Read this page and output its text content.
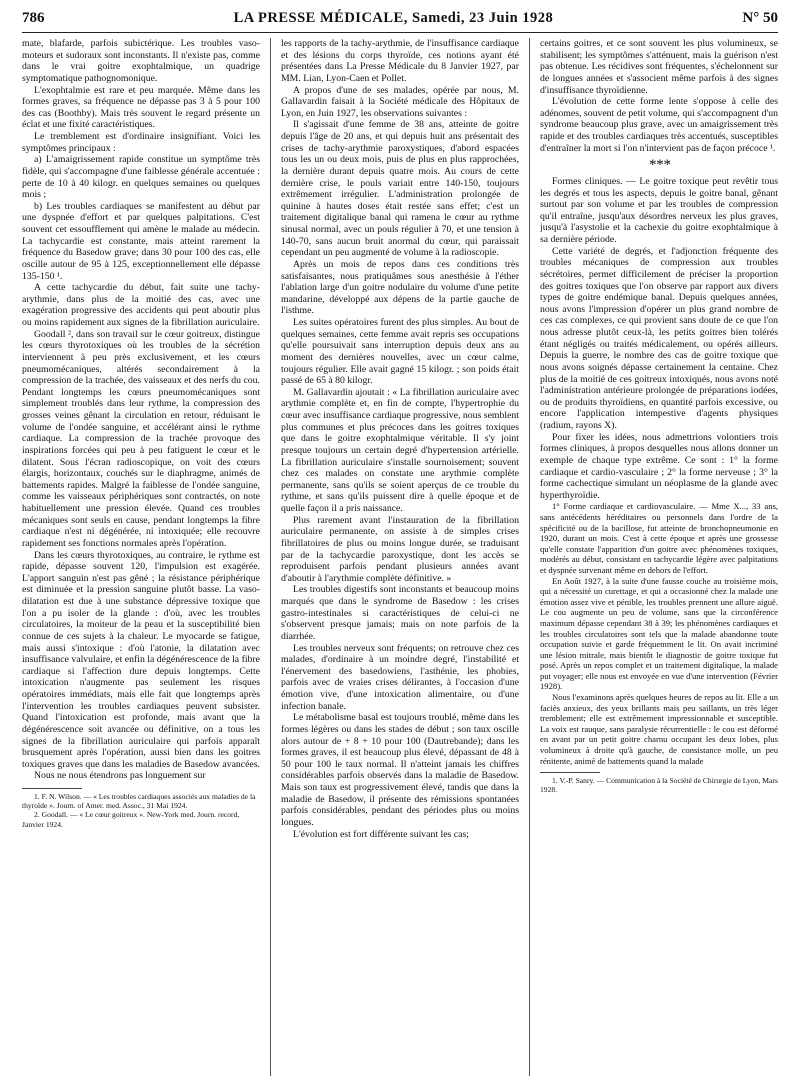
786	LA PRESSE MÉDICALE, Samedi, 23 Juin 1928	N° 50

mate, blafarde, parfois subictérique. Les troubles vaso-moteurs et sudoraux sont inconstants. Il n'existe pas, comme dans le vrai goitre exophtalmique, un quadrige symptomatique pathognomonique.

L'exophtalmie est rare et peu marquée. Même dans les formes graves, sa fréquence ne dépasse pas 3 à 5 pour 100 des cas (Boothby). Mais très souvent le regard présente un éclat et une fixité caractéristiques.

Le tremblement est d'ordinaire insignifiant. Voici les symptômes principaux :

a) L'amaigrissement rapide constitue un symptôme très fidèle, qui s'accompagne d'une faiblesse générale accentuée : perte de 10 à 40 kilogr. en quelques semaines ou quelques mois ;

b) Les troubles cardiaques se manifestent au début par une dyspnée d'effort et par quelques palpitations. C'est souvent cet essoufflement qui amène le malade au médecin. La tachycardie est constante, mais atteint rarement la fréquence du Basedow grave; dans 30 pour 100 des cas, elle oscille autour de 95 à 125, exceptionnellement elle dépasse 135-150 ¹.

A cette tachycardie du début, fait suite une tachy-arythmie, dans plus de la moitié des cas, avec une exagération progressive des accidents qui peut aboutir plus ou moins rapidement aux signes de la fibrillation auriculaire.

Goodall ², dans son travail sur le cœur goitreux, distingue les cœurs thyrotoxiques où les troubles de la sécrétion interviennent à peu près exclusivement, et les cœurs pneumomécaniques, altérés secondairement à la compression de la trachée, des vaisseaux et des nerfs du cou. Pendant longtemps les cœurs pneumomécaniques sont simplement troublés dans leur rythme, la compression des grosses veines gênant la circulation en retour, réduisant le volume de l'ondée sanguine, et accélérant ainsi le rythme cardiaque. La compression de la trachée provoque des inspirations forcées qui peu à peu fatiguent le cœur et le dilatent. Sous l'écran radioscopique, on voit des cœurs élargis, horizontaux, couchés sur le diaphragme, animés de battements rapides. Malgré la faiblesse de l'ondée sanguine, comme les vaisseaux périphériques sont contractés, on note habituellement une pression élevée. Quand ces troubles mécaniques sont seuls en cause, pendant longtemps la fibre cardiaque n'est ni dégénérée, ni intoxiquée; elle recouvre rapidement ses fonctions normales après l'opération.

Dans les cœurs thyrotoxiques, au contraire, le rythme est rapide, dépasse souvent 120, l'impulsion est exagérée. L'apport sanguin n'est pas gêné ; la résistance périphérique est diminuée et la pression sanguine plutôt basse. La vaso-dilatation est due à une substance dépressive toxique que l'on a pu isoler de la glande : d'où, avec les troubles circulatoires, la moiteur de la peau et la susceptibilité bien connue de ces sujets à la chaleur. Le myocarde se fatigue, mais aussi s'intoxique : d'où l'atonie, la dilatation avec insuffisance valvulaire, et enfin la dégénérescence de la fibre cardiaque si l'affection dure depuis longtemps. Cette intoxication n'augmente pas seulement les risques opératoires immédiats, mais elle fait que longtemps après l'intervention les troubles cardiaques peuvent subsister. Quand l'intoxication est profonde, mais avant que la dégénérescence soit avancée ou définitive, on a tous les signes de la fibrillation auriculaire qui parfois apparaît brusquement après l'opération, aussi bien dans les goitres toxiques graves que dans les maladies de Basedow avancées.

Nous ne nous étendrons pas longuement sur

1. F. N. Wilson. — « Les troubles cardiaques associés aux maladies de la thyroïde ». Journ. of Amer. med. Assoc., 31 Mai 1924.

2. Goodall. — « Le cœur goitreux ». New-York med. Journ. record, Janvier 1924.

les rapports de la tachy-arythmie, de l'insuffisance cardiaque et des lésions du corps thyroïde, ces notions ayant été présentées dans La Presse Médicale du 8 Janvier 1927, par MM. Lian, Lyon-Caen et Pollet.

A propos d'une de ses malades, opérée par nous, M. Gallavardin faisait à la Société médicale des Hôpitaux de Lyon, en Juin 1927, les observations suivantes :

Il s'agissait d'une femme de 38 ans, atteinte de goitre depuis l'âge de 20 ans, et qui depuis huit ans présentait des crises de tachy-arythmie paroxystiques, d'abord espacées tous les un ou deux mois, puis de plus en plus rapprochées, la dernière durant depuis quatre mois. Au cours de cette dernière crise, le pouls variait entre 140-150, toujours extrêmement irrégulier. L'administration prolongée de quinine à hautes doses était restée sans effet; c'est un traitement digitalique banal qui ramena le cœur au rythme sinusal normal, avec un pouls régulier à 70, et une tension à 140-70, sans aucun bruit anormal du cœur, qui paraissait cependant un peu augmenté de volume à la radioscopie.

Après un mois de repos dans ces conditions très satisfaisantes, nous pratiquâmes sous anesthésie à l'éther l'ablation large d'un goitre nodulaire du volume d'une petite mandarine, développé aux dépens de la partie gauche de l'isthme.

Les suites opératoires furent des plus simples. Au bout de quelques semaines, cette femme avait repris ses occupations qu'elle poursuivait sans interruption depuis deux ans au moment des dernières nouvelles, avec un cœur calme, toujours régulier. Elle avait gagné 15 kilogr. ; son poids était passé de 65 à 80 kilogr.

M. Gallavardin ajoutait : « La fibrillation auriculaire avec arythmie complète et, en fin de compte, l'hypertrophie du cœur avec insuffisance cardiaque progressive, nous semblent plus communes et plus précoces dans les goitres toxiques que dans le goitre exophtalmique véritable. Il s'y joint presque toujours un certain degré d'hypertension artérielle. La fibrillation auriculaire s'installe sournoisement; souvent chez ces malades on constate une arythmie complète permanente, sans qu'ils se soient aperçus de ce trouble du rythme, et sans qu'ils puissent dire à quelle époque et de quelle façon il a pris naissance.

Plus rarement avant l'instauration de la fibrillation auriculaire permanente, on assiste à de simples crises fibrillatoires de plus ou moins longue durée, se traduisant par de la tachycardie paroxystique, dont les accès se reproduisent parfois pendant plusieurs années avant d'aboutir à l'arythmie complète définitive. »

Les troubles digestifs sont inconstants et beaucoup moins marqués que dans le syndrome de Basedow : les crises gastro-intestinales si caractéristiques de celui-ci ne s'observent presque jamais; mais on note parfois de la diarrhée.

Les troubles nerveux sont fréquents; on retrouve chez ces malades, d'ordinaire à un moindre degré, l'instabilité et l'énervement des basedowiens, l'asthénie, les phobies, parfois avec de vraies crises délirantes, à l'occasion d'une émotion vive, d'une intoxication alimentaire, ou d'une infection banale.

Le métabolisme basal est toujours troublé, même dans les formes légères ou dans les stades de début ; son taux oscille alors autour de + 8 + 10 pour 100 (Dautrebande); dans les formes graves, il est beaucoup plus élevé, dépassant de 48 à 50 pour 100 le taux normal. Il n'atteint jamais les chiffres considérables parfois observés dans la maladie de Basedow. Mais son taux est progressivement élevé, tandis que dans la maladie de Basedow, il présente des rémissions spontanées parfois considérables, pendant des périodes plus ou moins longues.

L'évolution est fort différente suivant les cas;

certains goitres, et ce sont souvent les plus volumineux, se stabilisent; les symptômes s'atténuent, mais la guérison n'est pas obtenue. Les récidives sont fréquentes, s'échelonnent sur de longues années et s'associent même parfois à des signes d'insuffisance thyroïdienne.

L'évolution de cette forme lente s'oppose à celle des adénomes, souvent de petit volume, qui s'accompagnent d'un syndrome beaucoup plus grave, avec un amaigrissement très rapide et des troubles cardiaques très accentués, susceptibles d'entraîner la mort si l'on n'intervient pas de façon précoce ¹.

* * *

Formes cliniques. — Le goitre toxique peut revêtir tous les degrés et tous les aspects, depuis le goitre banal, gênant surtout par son volume et par les troubles de compression qu'il entraîne, jusqu'aux désordres nerveux les plus graves, jusqu'à l'asystolie et la cachexie du goitre exophtalmique à sa dernière période.

Cette variété de degrés, et l'adjonction fréquente des troubles mécaniques de compression aux troubles sécrétoires, permet difficilement de préciser la proportion des goitres toxiques que l'on observe par rapport aux divers types de goitre endémique banal. Depuis quelques années, nous avons l'impression d'opérer un plus grand nombre de ces cas complexes, ce qui provient sans doute de ce que l'on nous adresse plutôt ceux-là, les petits goitres bien tolérés étant négligés ou traités médicalement, ou opérés ailleurs. Depuis la guerre, le nombre des cas de goitre toxique que nous avons soignés dépasse certainement la centaine. Chez plus de la moitié de ces goitreux intoxiqués, nous avons noté l'administration antérieure prolongée de préparations iodées, ou de produits thyroïdiens, en quantité parfois excessive, ou encore l'application intempestive d'agents physiques (radium, rayons X).

Pour fixer les idées, nous admettrions volontiers trois formes cliniques, à propos desquelles nous allons donner un exemple de chaque type extrême. Ce sont : 1° la forme cardiaque et cardio-vasculaire ; 2° la forme nerveuse ; 3° la forme cachectique simulant un néoplasme de la glande avec hyperthyroïdie.

1° Forme cardiaque et cardiovasculaire. — Mme X..., 33 ans, sans antécédents héréditaires ou personnels dans l'ordre de la spécificité ou de la bacillose, fut atteinte de bronchopneumonie en 1920, durant un mois. C'est à cette époque et après une grossesse qu'elle constate l'apparition d'un goitre avec phénomènes toxiques, modérés au début, consistant en tachycardie légère avec palpitations et dyspnée survenant même en dehors de l'effort.

En Août 1927, à la suite d'une fausse couche au troisième mois, qui a nécessité un curettage, et qui a occasionné chez la malade une émotion assez vive et pénible, les troubles prennent une allure aiguë. Le cou augmente un peu de volume, sans que la circonférence maximum dépasse cependant 38 à 39; les phénomènes cardiaques et les troubles circulatoires sont tels que la malade abandonne toute occupation suivie et garde fréquemment le lit. On avait incriminé une lésion mitrale, mais bientôt le diagnostic de goitre toxique fut posé. Après un repos complet et un traitement digitalique, la malade put voyager; elle nous est envoyée en vue d'une intervention (Février 1928).

Nous l'examinons après quelques heures de repos au lit. Elle a un faciès anxieux, des yeux brillants mais peu saillants, un très léger tremblement; elle est extrêmement impressionnable et susceptible. La voix est rauque, sans paralysie récurrentielle : le cou est déformé en avant par un petit goitre charnu occupant les deux lobes, plus volumineux à droite qu'à gauche, de consistance molle, un peu rénitente, animé de battements quand la malade

1. V.-P. Sanry. — Communication à la Société de Chirurgie de Lyon, Mars 1928.
